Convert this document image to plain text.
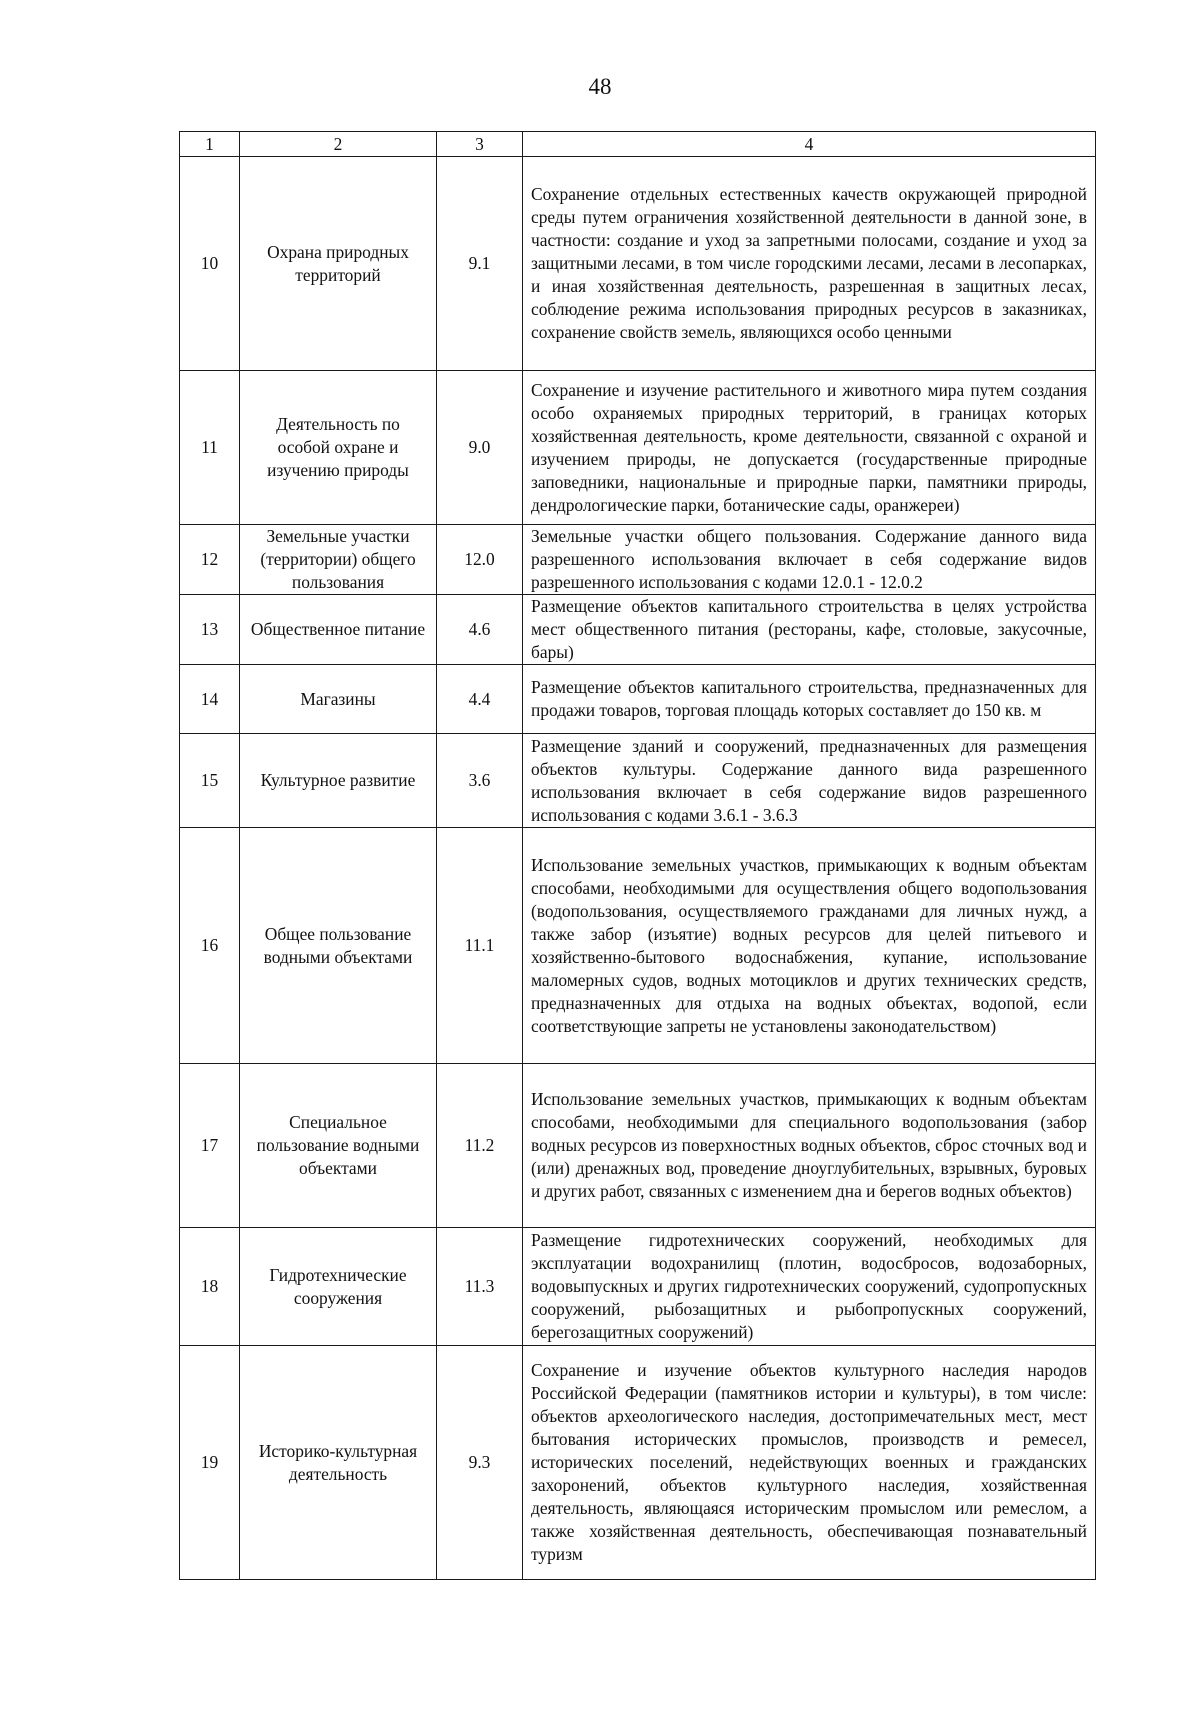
48
1	2	3	4
10	Охрана природных территорий	9.1	Сохранение отдельных естественных качеств окружающей природной среды путем ограничения хозяйственной деятельности в данной зоне, в частности: создание и уход за запретными полосами, создание и уход за защитными лесами, в том числе городскими лесами, лесами в лесопарках, и иная хозяйственная деятельность, разрешенная в защитных лесах, соблюдение режима использования природных ресурсов в заказниках, сохранение свойств земель, являющихся особо ценными

11	Деятельность по особой охране и изучению природы	9.0	Сохранение и изучение растительного и животного мира путем создания особо охраняемых природных территорий, в границах которых хозяйственная деятельность, кроме деятельности, связанной с охраной и изучением природы, не допускается (государственные природные заповедники, национальные и природные парки, памятники природы, дендрологические парки, ботанические сады, оранжереи)

12	Земельные участки (территории) общего пользования	12.0	Земельные участки общего пользования. Содержание данного вида разрешенного использования включает в себя содержание видов разрешенного использования с кодами 12.0.1 - 12.0.2

13	Общественное питание	4.6	Размещение объектов капитального строительства в целях устройства мест общественного питания (рестораны, кафе, столовые, закусочные, бары)

14	Магазины	4.4	Размещение объектов капитального строительства, предназначенных для продажи товаров, торговая площадь которых составляет до 150 кв. м

15	Культурное развитие	3.6	Размещение зданий и сооружений, предназначенных для размещения объектов культуры. Содержание данного вида разрешенного использования включает в себя содержание видов разрешенного использования с кодами 3.6.1 - 3.6.3

16	Общее пользование водными объектами	11.1	Использование земельных участков, примыкающих к водным объектам способами, необходимыми для осуществления общего водопользования (водопользования, осуществляемого гражданами для личных нужд, а также забор (изъятие) водных ресурсов для целей питьевого и хозяйственно-бытового водоснабжения, купание, использование маломерных судов, водных мотоциклов и других технических средств, предназначенных для отдыха на водных объектах, водопой, если соответствующие запреты не установлены законодательством)

17	Специальное пользование водными объектами	11.2	Использование земельных участков, примыкающих к водным объектам способами, необходимыми для специального водопользования (забор водных ресурсов из поверхностных водных объектов, сброс сточных вод и (или) дренажных вод, проведение дноуглубительных, взрывных, буровых и других работ, связанных с изменением дна и берегов водных объектов)

18	Гидротехнические сооружения	11.3	Размещение гидротехнических сооружений, необходимых для эксплуатации водохранилищ (плотин, водосбросов, водозаборных, водовыпускных и других гидротехнических сооружений, судопропускных сооружений, рыбозащитных и рыбопропускных сооружений, берегозащитных сооружений)

19	Историко-культурная деятельность	9.3	Сохранение и изучение объектов культурного наследия народов Российской Федерации (памятников истории и культуры), в том числе: объектов археологического наследия, достопримечательных мест, мест бытования исторических промыслов, производств и ремесел, исторических поселений, недействующих военных и гражданских захоронений, объектов культурного наследия, хозяйственная деятельность, являющаяся историческим промыслом или ремеслом, а также хозяйственная деятельность, обеспечивающая познавательный туризм
